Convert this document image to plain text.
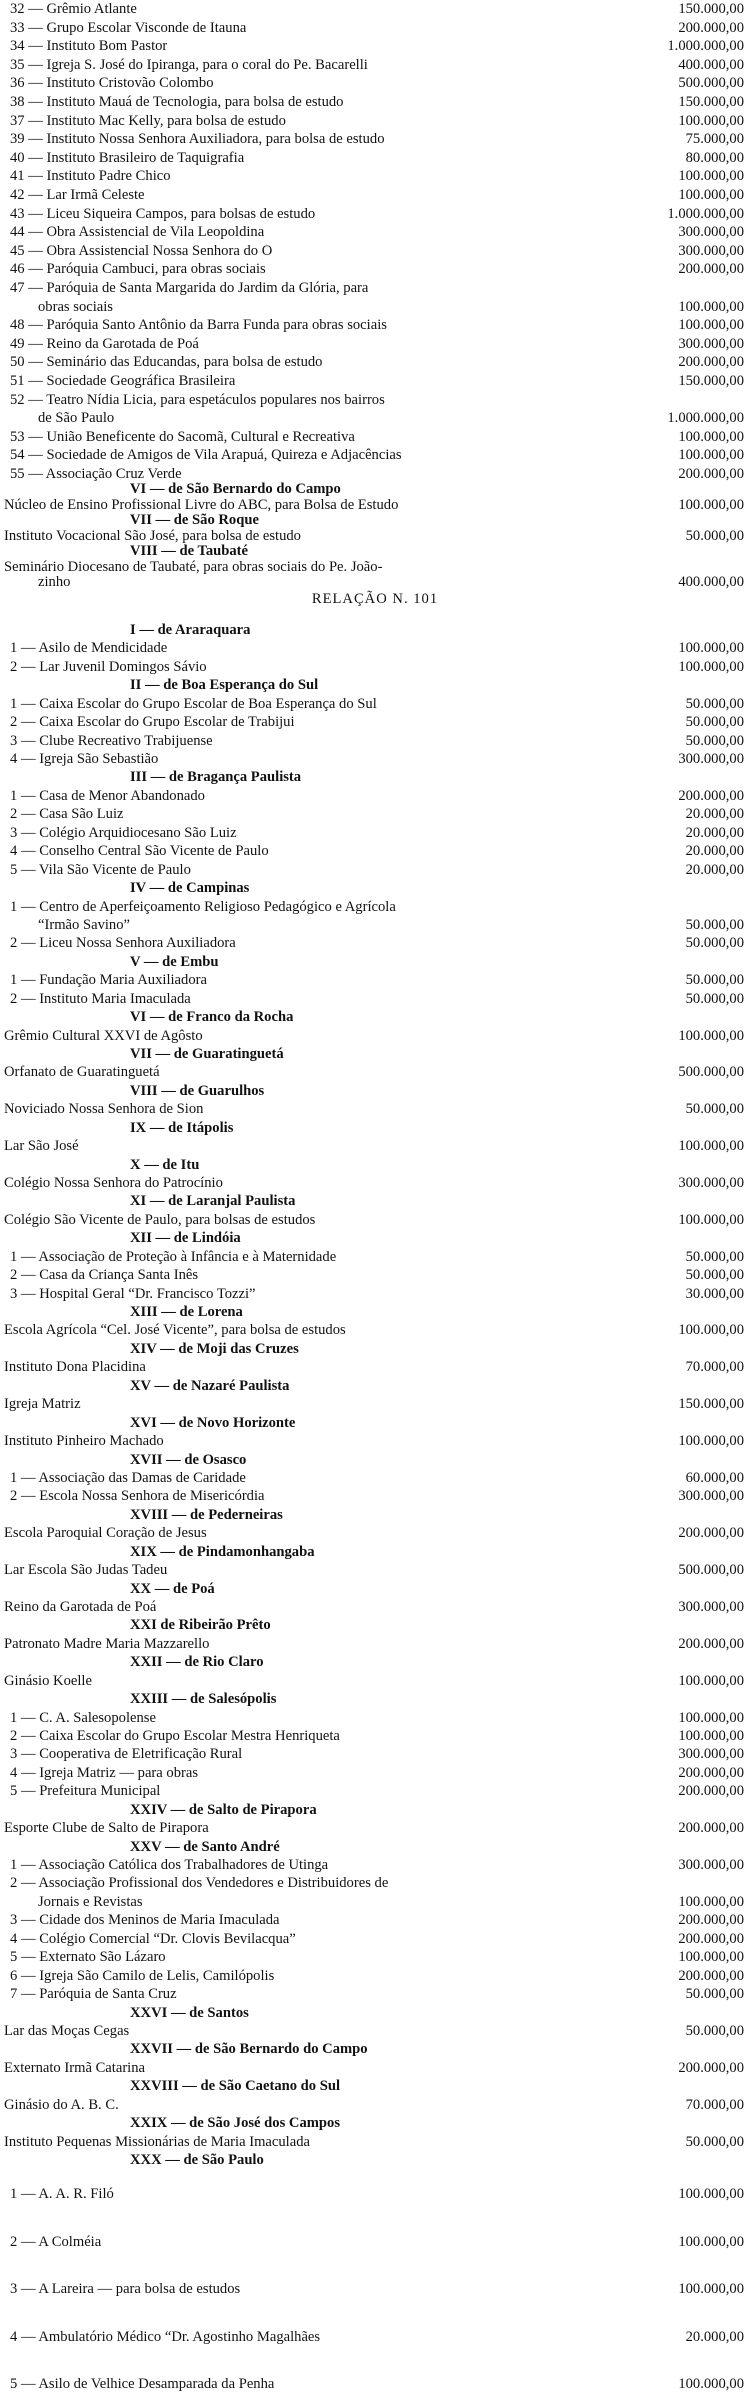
32 — Grêmio Atlante	150.000,00
33 — Grupo Escolar Visconde de Itauna	200.000,00
34 — Instituto Bom Pastor	1.000.000,00
35 — Igreja S. José do Ipiranga, para o coral do Pe. Bacarelli	400.000,00
36 — Instituto Cristovão Colombo	500.000,00
38 — Instituto Mauá de Tecnologia, para bolsa de estudo	150.000,00
37 — Instituto Mac Kelly, para bolsa de estudo	100.000,00
39 — Instituto Nossa Senhora Auxiliadora, para bolsa de estudo	75.000,00
40 — Instituto Brasileiro de Taquigrafia	80.000,00
41 — Instituto Padre Chico	100.000,00
42 — Lar Irmã Celeste	100.000,00
43 — Liceu Siqueira Campos, para bolsas de estudo	1.000.000,00
44 — Obra Assistencial de Vila Leopoldina	300.000,00
45 — Obra Assistencial Nossa Senhora do Ó	300.000,00
46 — Paróquia Cambuci, para obras sociais	200.000,00
47 — Paróquia de Santa Margarida do Jardim da Glória, para
obras sociais	100.000,00
48 — Paróquia Santo Antônio da Barra Funda para obras sociais	100.000,00
49 — Reino da Garotada de Poá	300.000,00
50 — Seminário das Educandas, para bolsa de estudo	200.000,00
51 — Sociedade Geográfica Brasileira	150.000,00
52 — Teatro Nídia Licia, para espetáculos populares nos bairros
de São Paulo	1.000.000,00
53 — União Beneficente do Sacomã, Cultural e Recreativa	100.000,00
54 — Sociedade de Amigos de Vila Arapuá, Quireza e Adjacências	100.000,00
55 — Associação Cruz Verde	200.000,00
VI — de São Bernardo do Campo
Núcleo de Ensino Profissional Livre do ABC, para Bolsa de Estudo	100.000,00
VII — de São Roque
Instituto Vocacional São José, para bolsa de estudo	50.000,00
VIII — de Taubaté
Seminário Diocesano de Taubaté, para obras sociais do Pe. João-
zinho	400.000,00
RELAÇÃO N. 101
I — de Araraquara
1 — Asilo de Mendicidade	100.000,00
2 — Lar Juvenil Domingos Sávio	100.000,00
II — de Boa Esperança do Sul
1 — Caixa Escolar do Grupo Escolar de Boa Esperança do Sul	50.000,00
2 — Caixa Escolar do Grupo Escolar de Trabijui	50.000,00
3 — Clube Recreativo Trabijuense	50.000,00
4 — Igreja São Sebastião	300.000,00
III — de Bragança Paulista
1 — Casa de Menor Abandonado	200.000,00
2 — Casa São Luiz	20.000,00
3 — Colégio Arquidiocesano São Luiz	20.000,00
4 — Conselho Central São Vicente de Paulo	20.000,00
5 — Vila São Vicente de Paulo	20.000,00
IV — de Campinas
1 — Centro de Aperfeiçoamento Religioso Pedagógico e Agrícola
“Irmão Savino”	50.000,00
2 — Liceu Nossa Senhora Auxiliadora	50.000,00
V — de Embu
1 — Fundação Maria Auxiliadora	50.000,00
2 — Instituto Maria Imaculada	50.000,00
VI — de Franco da Rocha
Grêmio Cultural XXVI de Agôsto	100.000,00
VII — de Guaratinguetá
Orfanato de Guaratinguetá	500.000,00
VIII — de Guarulhos
Noviciado Nossa Senhora de Sion	50.000,00
IX — de Itápolis
Lar São José	100.000,00
X — de Itu
Colégio Nossa Senhora do Patrocínio	300.000,00
XI — de Laranjal Paulista
Colégio São Vicente de Paulo, para bolsas de estudos	100.000,00
XII — de Lindóia
1 — Associação de Proteção à Infância e à Maternidade	50.000,00
2 — Casa da Criança Santa Inês	50.000,00
3 — Hospital Geral “Dr. Francisco Tozzi”	30.000,00
XIII — de Lorena
Escola Agrícola “Cel. José Vicente”, para bolsa de estudos	100.000,00
XIV — de Moji das Cruzes
Instituto Dona Placidina	70.000,00
XV — de Nazaré Paulista
Igreja Matriz	150.000,00
XVI — de Novo Horizonte
Instituto Pinheiro Machado	100.000,00
XVII — de Osasco
1 — Associação das Damas de Caridade	60.000,00
2 — Escola Nossa Senhora de Misericórdia	300.000,00
XVIII — de Pederneiras
Escola Paroquial Coração de Jesus	200.000,00
XIX — de Pindamonhangaba
Lar Escola São Judas Tadeu	500.000,00
XX — de Poá
Reino da Garotada de Poá	300.000,00
XXI de Ribeirão Prêto
Patronato Madre Maria Mazzarello	200.000,00
XXII — de Rio Claro
Ginásio Koelle	100.000,00
XXIII — de Salesópolis
1 — C. A. Salesopolense	100.000,00
2 — Caixa Escolar do Grupo Escolar Mestra Henriqueta	100.000,00
3 — Cooperativa de Eletrificação Rural	300.000,00
4 — Igreja Matriz — para obras	200.000,00
5 — Prefeitura Municipal	200.000,00
XXIV — de Salto de Pirapora
Esporte Clube de Salto de Pirapora	200.000,00
XXV — de Santo André
1 — Associação Católica dos Trabalhadores de Utinga	300.000,00
2 — Associação Profissional dos Vendedores e Distribuidores de
Jornais e Revistas	100.000,00
3 — Cidade dos Meninos de Maria Imaculada	200.000,00
4 — Colégio Comercial “Dr. Clovis Bevilacqua”	200.000,00
5 — Externato São Lázaro	100.000,00
6 — Igreja São Camilo de Lelis, Camilópolis	200.000,00
7 — Paróquia de Santa Cruz	50.000,00
XXVI — de Santos
Lar das Moças Cegas	50.000,00
XXVII — de São Bernardo do Campo
Externato Irmã Catarina	200.000,00
XXVIII — de São Caetano do Sul
Ginásio do A. B. C.	70.000,00
XXIX — de São José dos Campos
Instituto Pequenas Missionárias de Maria Imaculada	50.000,00
XXX — de São Paulo
1 — A. A. R. Filó	100.000,00
2 — A Colméia	100.000,00
3 — A Lareira — para bolsa de estudos	100.000,00
4 — Ambulatório Médico “Dr. Agostinho Magalhães	20.000,00
5 — Asilo de Velhice Desamparada da Penha	100.000,00
